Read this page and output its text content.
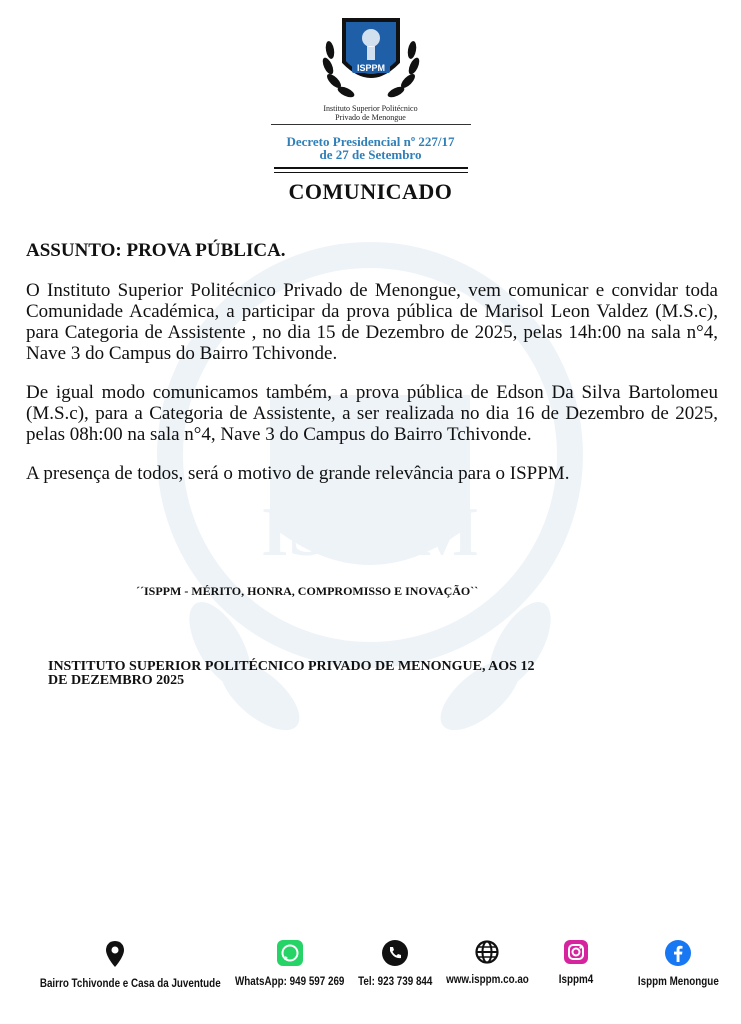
ISPPM
ISPPM
Instituto Superior Politécnico
Privado de Menongue
Decreto Presidencial nº 227/17
de 27 de Setembro
COMUNICADO

ASSUNTO: PROVA PÚBLICA.

O Instituto Superior Politécnico Privado de Menongue, vem comunicar e convidar toda Comunidade Académica, a participar da prova pública de Marisol Leon Valdez (M.S.c), para Categoria de Assistente , no dia 15 de Dezembro de 2025, pelas 14h:00 na sala n°4, Nave 3 do Campus do Bairro Tchivonde.

De igual modo comunicamos também, a prova pública de Edson Da Silva Bartolomeu (M.S.c), para a Categoria de Assistente, a ser realizada no dia 16 de Dezembro de 2025, pelas 08h:00 na sala n°4, Nave 3 do Campus do Bairro Tchivonde.

A presença de todos, será o motivo de grande relevância para o ISPPM.

´´ISPPM - MÉRITO, HONRA, COMPROMISSO E INOVAÇÃO``
INSTITUTO SUPERIOR POLITÉCNICO PRIVADO DE MENONGUE, AOS 12
DE DEZEMBRO 2025
Bairro Tchivonde e Casa da Juventude	WhatsApp: 949 597 269	Tel: 923 739 844	www.isppm.co.ao	Isppm4	Isppm Menongue
